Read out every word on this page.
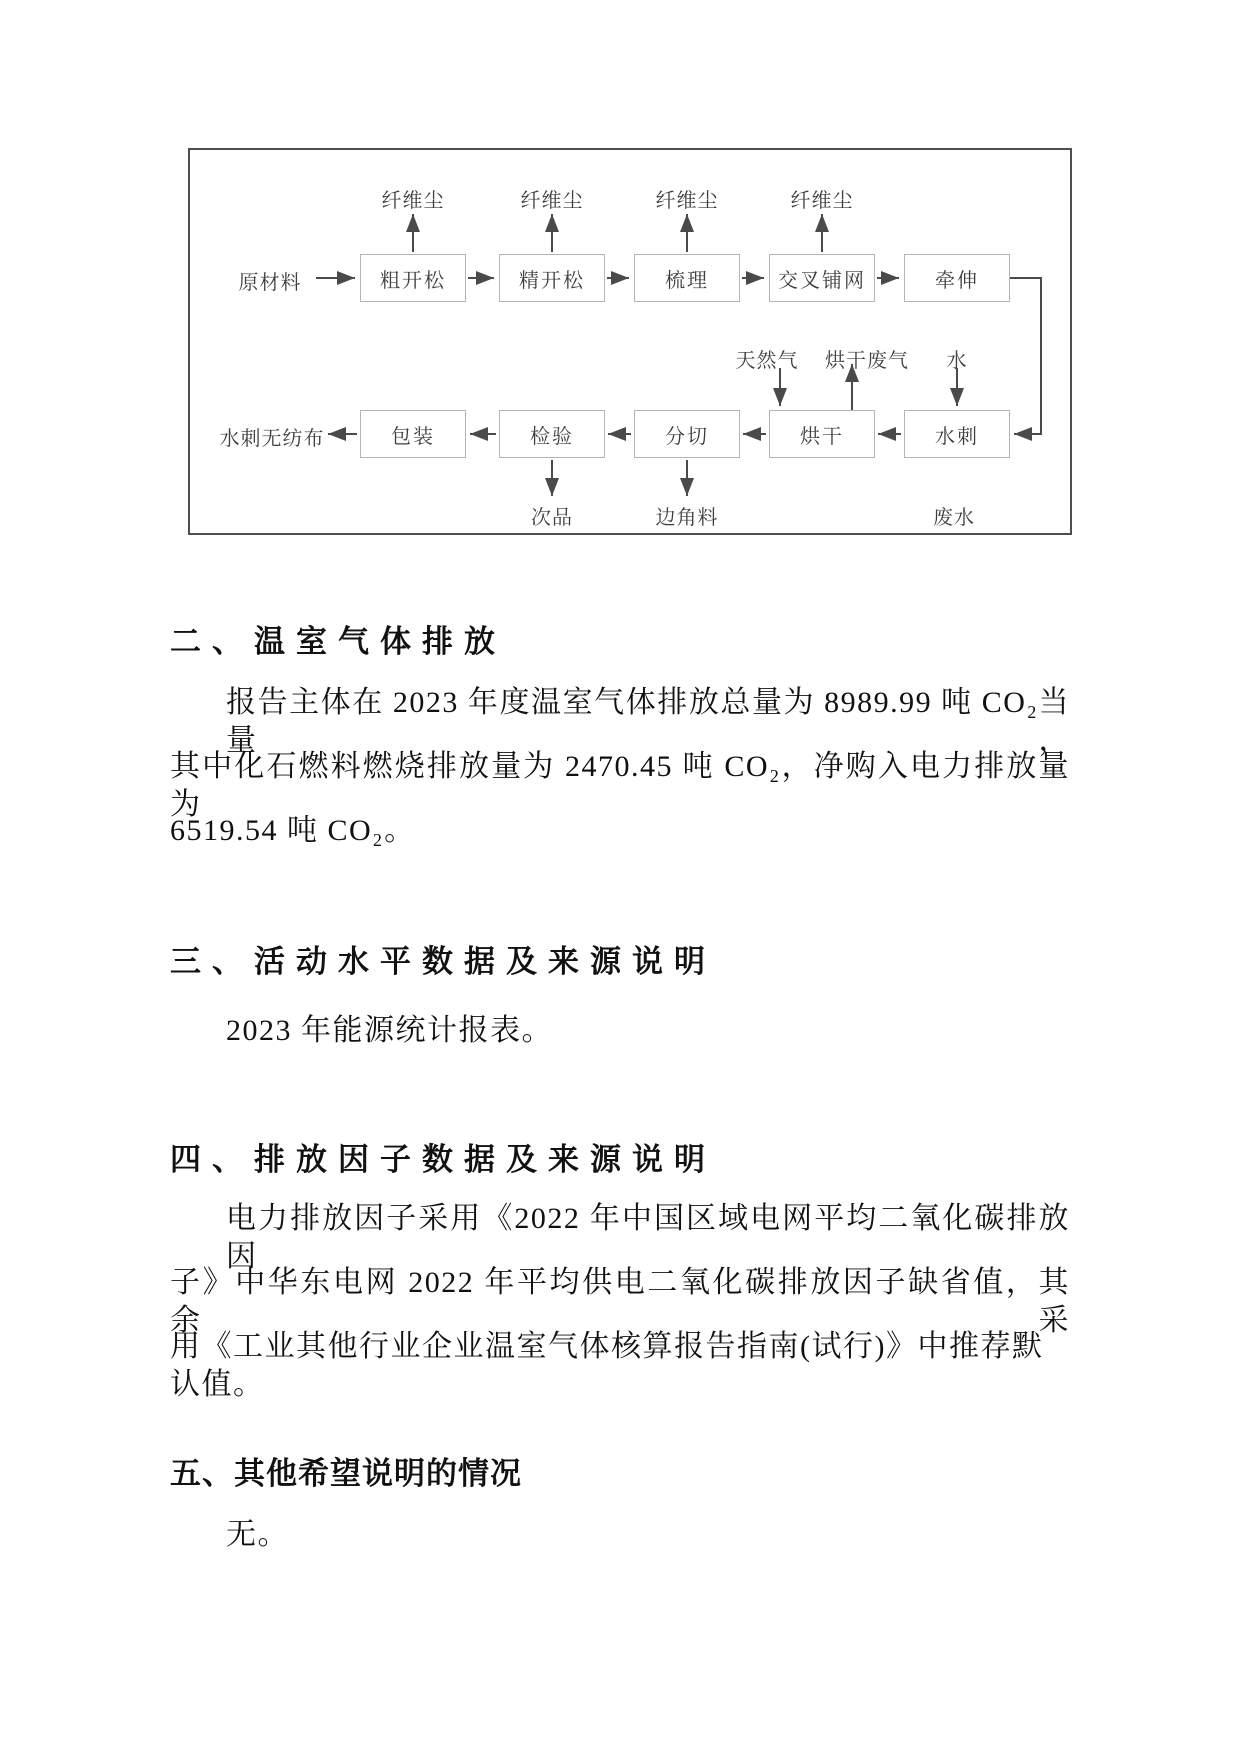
粗开松	精开松	梳理	交叉铺网	牵伸
包装	检验	分切	烘干	水刺
纤维尘	纤维尘	纤维尘	纤维尘
原材料
水刺无纺布
天然气	烘干废气	水
次品	边角料	废水
二、温室气体排放
报告主体在 2023 年度温室气体排放总量为 8989.99 吨 CO₂当量，
其中化石燃料燃烧排放量为 2470.45 吨 CO₂，净购入电力排放量为
6519.54 吨 CO₂。
三、活动水平数据及来源说明
2023 年能源统计报表。
四、排放因子数据及来源说明
电力排放因子采用《2022 年中国区域电网平均二氧化碳排放因
子》中华东电网 2022 年平均供电二氧化碳排放因子缺省值，其余采
用《工业其他行业企业温室气体核算报告指南(试行)》中推荐默认值。
五、其他希望说明的情况
无。
